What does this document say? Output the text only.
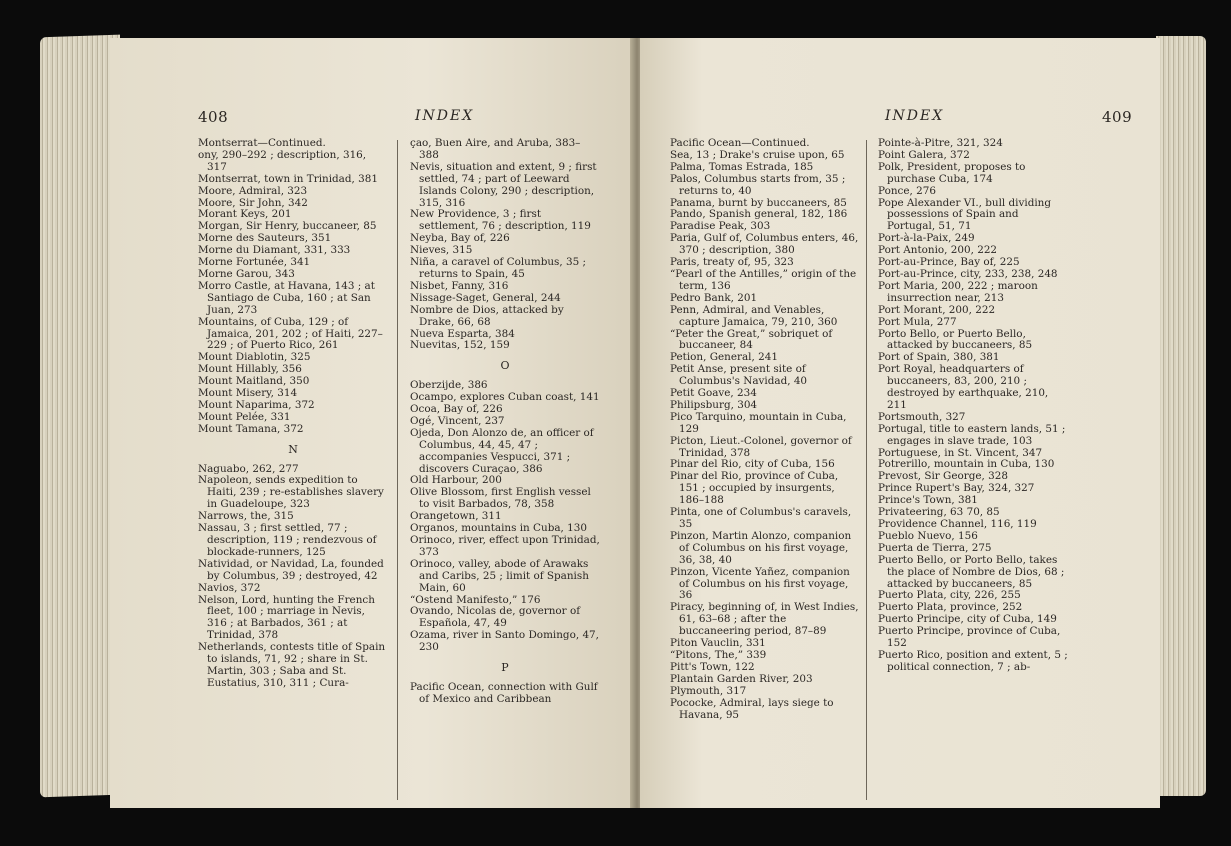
408	INDEX

Montserrat—Continued.

ony, 290–292 ; description, 316, 317

Montserrat, town in Trinidad, 381

Moore, Admiral, 323

Moore, Sir John, 342

Morant Keys, 201

Morgan, Sir Henry, buccaneer, 85

Morne des Sauteurs, 351

Morne du Diamant, 331, 333

Morne Fortunée, 341

Morne Garou, 343

Morro Castle, at Havana, 143 ; at Santiago de Cuba, 160 ; at San Juan, 273

Mountains, of Cuba, 129 ; of Jamaica, 201, 202 ; of Haiti, 227–229 ; of Puerto Rico, 261

Mount Diablotin, 325

Mount Hillably, 356

Mount Maitland, 350

Mount Misery, 314

Mount Naparima, 372

Mount Pelée, 331

Mount Tamana, 372

N

Naguabo, 262, 277

Napoleon, sends expedition to Haiti, 239 ; re-establishes slavery in Guadeloupe, 323

Narrows, the, 315

Nassau, 3 ; first settled, 77 ; description, 119 ; rendezvous of blockade-runners, 125

Natividad, or Navidad, La, founded by Columbus, 39 ; destroyed, 42

Navios, 372

Nelson, Lord, hunting the French fleet, 100 ; marriage in Nevis, 316 ; at Barbados, 361 ; at Trinidad, 378

Netherlands, contests title of Spain to islands, 71, 92 ; share in St. Martin, 303 ; Saba and St. Eustatius, 310, 311 ; Cura-

çao, Buen Aire, and Aruba, 383–388

Nevis, situation and extent, 9 ; first settled, 74 ; part of Leeward Islands Colony, 290 ; description, 315, 316

New Providence, 3 ; first settlement, 76 ; description, 119

Neyba, Bay of, 226

Nieves, 315

Niña, a caravel of Columbus, 35 ; returns to Spain, 45

Nisbet, Fanny, 316

Nissage-Saget, General, 244

Nombre de Dios, attacked by Drake, 66, 68

Nueva Esparta, 384

Nuevitas, 152, 159

O

Oberzijde, 386

Ocampo, explores Cuban coast, 141

Ocoa, Bay of, 226

Ogé, Vincent, 237

Ojeda, Don Alonzo de, an officer of Columbus, 44, 45, 47 ; accompanies Vespucci, 371 ; discovers Curaçao, 386

Old Harbour, 200

Olive Blossom, first English vessel to visit Barbados, 78, 358

Orangetown, 311

Organos, mountains in Cuba, 130

Orinoco, river, effect upon Trinidad, 373

Orinoco, valley, abode of Arawaks and Caribs, 25 ; limit of Spanish Main, 60

“Ostend Manifesto,” 176

Ovando, Nicolas de, governor of Española, 47, 49

Ozama, river in Santo Domingo, 47, 230

P

Pacific Ocean, connection with Gulf of Mexico and Caribbean

INDEX	409

Pacific Ocean—Continued.

Sea, 13 ; Drake's cruise upon, 65

Palma, Tomas Estrada, 185

Palos, Columbus starts from, 35 ; returns to, 40

Panama, burnt by buccaneers, 85

Pando, Spanish general, 182, 186

Paradise Peak, 303

Paria, Gulf of, Columbus enters, 46, 370 ; description, 380

Paris, treaty of, 95, 323

“Pearl of the Antilles,” origin of the term, 136

Pedro Bank, 201

Penn, Admiral, and Venables, capture Jamaica, 79, 210, 360

“Peter the Great,” sobriquet of buccaneer, 84

Petion, General, 241

Petit Anse, present site of Columbus's Navidad, 40

Petit Goave, 234

Philipsburg, 304

Pico Tarquino, mountain in Cuba, 129

Picton, Lieut.-Colonel, governor of Trinidad, 378

Pinar del Rio, city of Cuba, 156

Pinar del Rio, province of Cuba, 151 ; occupied by insurgents, 186–188

Pinta, one of Columbus's caravels, 35

Pinzon, Martin Alonzo, companion of Columbus on his first voyage, 36, 38, 40

Pinzon, Vicente Yañez, companion of Columbus on his first voyage, 36

Piracy, beginning of, in West Indies, 61, 63–68 ; after the buccaneering period, 87–89

Piton Vauclin, 331

“Pitons, The,” 339

Pitt's Town, 122

Plantain Garden River, 203

Plymouth, 317

Pococke, Admiral, lays siege to Havana, 95

Pointe-à-Pitre, 321, 324

Point Galera, 372

Polk, President, proposes to purchase Cuba, 174

Ponce, 276

Pope Alexander VI., bull dividing possessions of Spain and Portugal, 51, 71

Port-à-la-Paix, 249

Port Antonio, 200, 222

Port-au-Prince, Bay of, 225

Port-au-Prince, city, 233, 238, 248

Port Maria, 200, 222 ; maroon insurrection near, 213

Port Morant, 200, 222

Port Mula, 277

Porto Bello, or Puerto Bello, attacked by buccaneers, 85

Port of Spain, 380, 381

Port Royal, headquarters of buccaneers, 83, 200, 210 ; destroyed by earthquake, 210, 211

Portsmouth, 327

Portugal, title to eastern lands, 51 ; engages in slave trade, 103

Portuguese, in St. Vincent, 347

Potrerillo, mountain in Cuba, 130

Prevost, Sir George, 328

Prince Rupert's Bay, 324, 327

Prince's Town, 381

Privateering, 63 70, 85

Providence Channel, 116, 119

Pueblo Nuevo, 156

Puerta de Tierra, 275

Puerto Bello, or Porto Bello, takes the place of Nombre de Dios, 68 ; attacked by buccaneers, 85

Puerto Plata, city, 226, 255

Puerto Plata, province, 252

Puerto Principe, city of Cuba, 149

Puerto Principe, province of Cuba, 152

Puerto Rico, position and extent, 5 ; political connection, 7 ; ab-
